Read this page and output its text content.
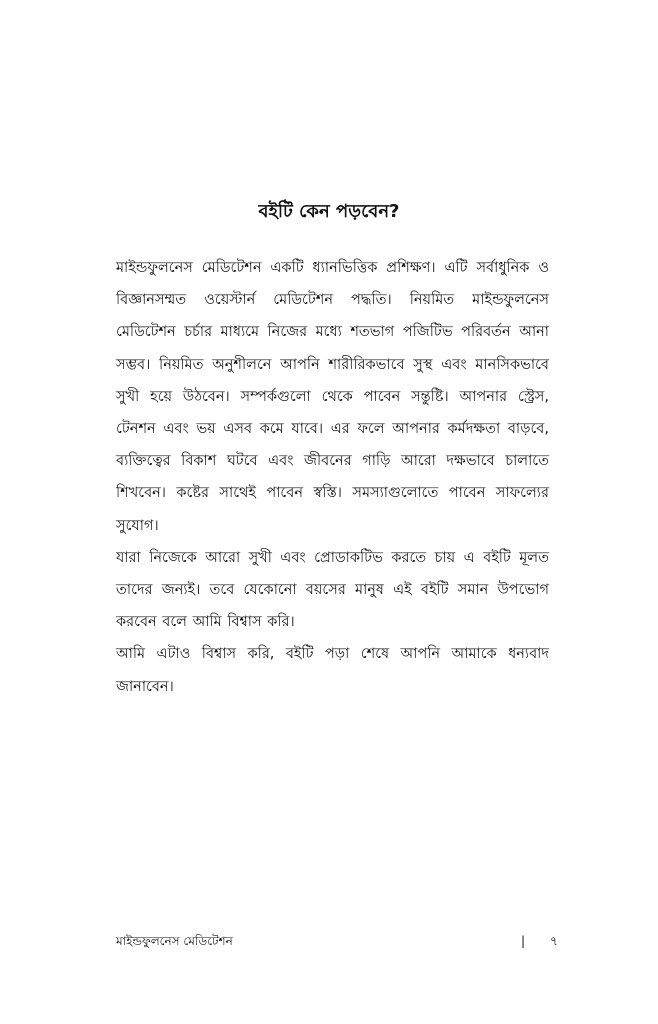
বইটি কেন পড়বেন?

মাইন্ডফুলনেস মেডিটেশন একটি ধ্যানভিত্তিক প্রশিক্ষণ। এটি সর্বাধুনিক ও বিজ্ঞানসম্মত ওয়েস্টার্ন মেডিটেশন পদ্ধতি। নিয়মিত মাইন্ডফুলনেস মেডিটেশন চর্চার মাধ্যমে নিজের মধ্যে শতভাগ পজিটিভ পরিবর্তন আনা সম্ভব। নিয়মিত অনুশীলনে আপনি শারীরিকভাবে সুস্থ এবং মানসিকভাবে সুখী হয়ে উঠবেন। সম্পর্কগুলো থেকে পাবেন সন্তুষ্টি। আপনার স্ট্রেস, টেনশন এবং ভয় এসব কমে যাবে। এর ফলে আপনার কর্মদক্ষতা বাড়বে, ব্যক্তিত্বের বিকাশ ঘটবে এবং জীবনের গাড়ি আরো দক্ষভাবে চালাতে শিখবেন। কষ্টের সাথেই পাবেন স্বস্তি। সমস্যাগুলোতে পাবেন সাফল্যের সুযোগ।

যারা নিজেকে আরো সুখী এবং প্রোডাকটিভ করতে চায় এ বইটি মূলত তাদের জন্যই। তবে যেকোনো বয়সের মানুষ এই বইটি সমান উপভোগ করবেন বলে আমি বিশ্বাস করি।

আমি এটাও বিশ্বাস করি, বইটি পড়া শেষে আপনি আমাকে ধন্যবাদ জানাবেন।

মাইন্ডফুলনেস মেডিটেশন	| ৭
